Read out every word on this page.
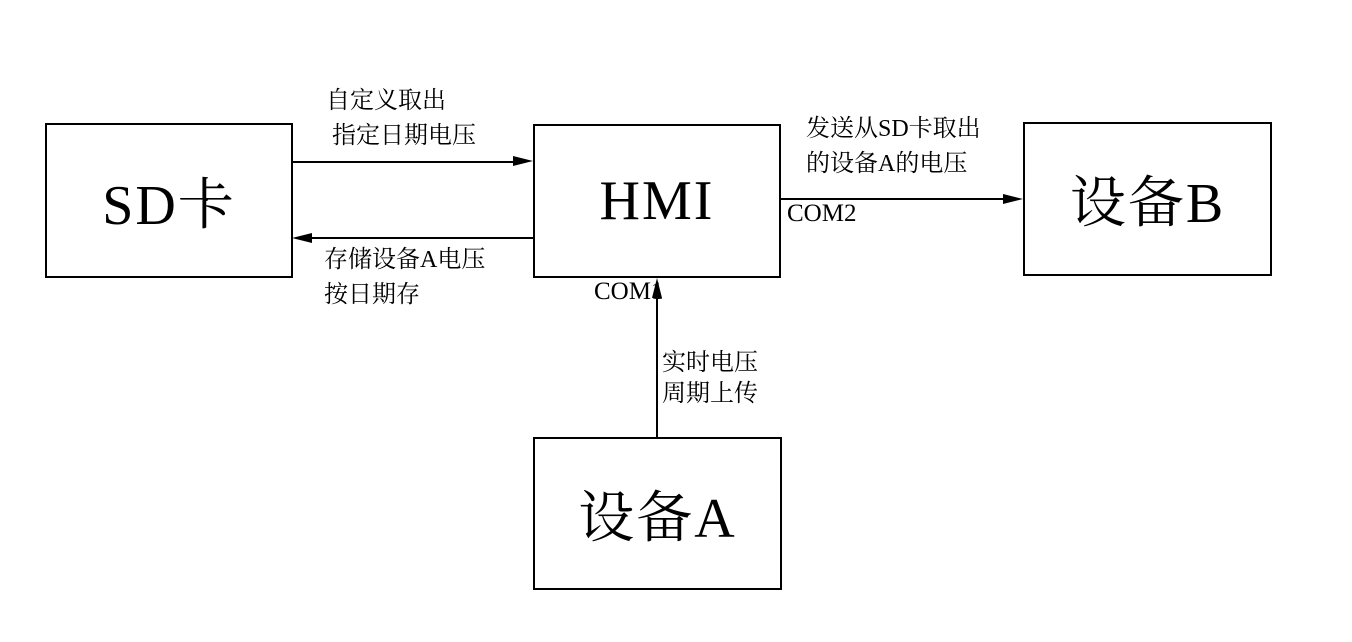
SD卡	HMI	设备B
设备A
自定义取出
指定日期电压
存储设备A电压
按日期存
发送从SD卡取出
的设备A的电压
实时电压
周期上传
COM2
COM1
